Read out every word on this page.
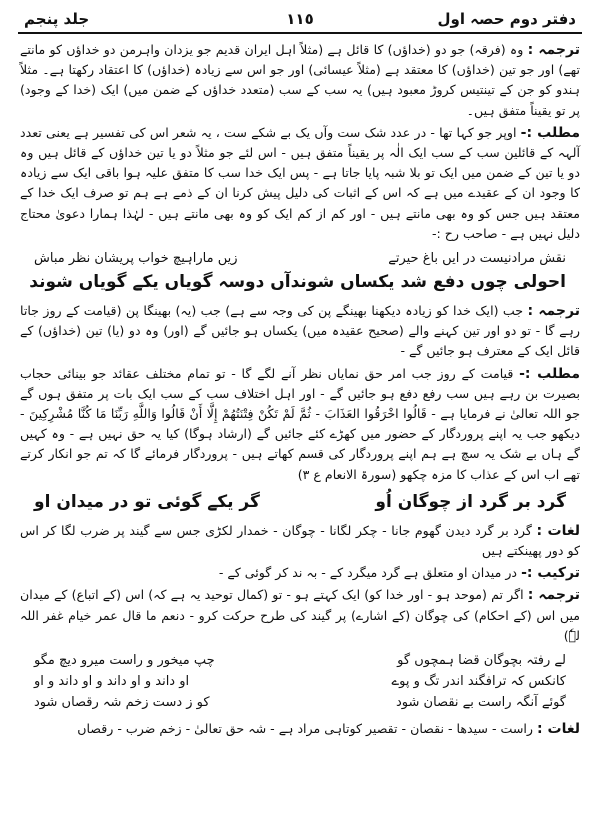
دفتر دوم حصہ اول
١١٥
جلد پنجم
ترجمہ : وہ (فرقہ) جو دو (خداؤں) کا قائل ہے (مثلاً اہل ایران قدیم جو یزدان واہرمن دو خداؤں کو مانتے تھے) اور جو تین (خداؤں) کا معتقد ہے (مثلاً عیسائی) اور جو اس سے زیادہ (خداؤں) کا اعتقاد رکھتا ہے۔ مثلاً ہندو کو جن کے تینتیس کروڑ معبود ہیں) یہ سب کے سب (متعدد خداؤں کے ضمن میں) ایک (خدا کے وجود) پر تو یقیناً متفق ہیں۔
مطلب :- اوپر جو کہا تھا - در عدد شک ست وآں یک بے شکے ست ، یہ شعر اس کی تفسیر ہے یعنی تعدد آلہہ کے قائلین سب کے سب ایک الٰہ پر یقیناً متفق ہیں - اس لئے جو مثلاً دو یا تین خداؤں کے قائل ہیں وہ دو یا تین کے ضمن میں ایک تو بلا شبہ پایا جاتا ہے - پس ایک خدا سب کا متفق علیہ ہوا باقی ایک سے زیادہ کا وجود ان کے عقیدے میں ہے کہ اس کے اثبات کی دلیل پیش کرنا ان کے ذمے ہے ہم تو صرف ایک خدا کے معتقد ہیں جس کو وہ بھی مانتے ہیں - اور کم از کم ایک کو وہ بھی مانتے ہیں - لہٰذا ہمارا دعویٰ محتاج دلیل نہیں ہے - صاحب رح :-
نقش مرادنیست در ایں باغ حیرتے
زیں ماراہیچ خواب پریشان نظر مباش
احولی چوں دفع شد یکساں شوند
آں دوسہ گویاں یکے گویاں شوند
ترجمہ : جب (ایک خدا کو زیادہ دیکھنا بھینگے پن کی وجہ سے ہے) جب (یہ) بھینگا پن (قیامت کے روز جاتا رہے گا - تو دو اور تین کہنے والے (صحیح عقیدہ میں) یکساں ہو جائیں گے (اور) وہ دو (یا) تین (خداؤں) کے قائل ایک کے معترف ہو جائیں گے -
مطلب :- قیامت کے روز جب امر حق نمایاں نظر آنے لگے گا - تو تمام مختلف عقائد جو بینائی حجاب بصیرت بن رہے ہیں سب رفع دفع ہو جائیں گے - اور اہل اختلاف سب کے سب ایک بات پر متفق ہوں گے جو اللہ تعالیٰ نے فرمایا ہے - قَالُوا اخْرَقُوا العَذَابَ - ثُمَّ لَمْ تَكُنْ فِتْنَتُهُمْ إِلَّا أَنْ قَالُوا وَاللَّهِ رَبِّنَا مَا كُنَّا مُشْرِكِينَ - دیکھو جب یہ اپنے پروردگار کے حضور میں کھڑے کئے جائیں گے (ارشاد ہوگا) کیا یہ حق نہیں ہے - وہ کہیں گے ہاں بے شک یہ سچ ہے ہم اپنے پروردگار کی قسم کھاتے ہیں - پروردگار فرمائے گا کہ تم جو انکار کرتے تھے اب اس کے عذاب کا مزہ چکھو (سورۃ الانعام ع ۳)
گرد بر گرد از چوگان اُو
گر یکے گوئی تو در میدان او
لغات : گرد بر گرد دیدن گھوم جانا - چکر لگانا - چوگان - خمدار لکڑی جس سے گیند پر ضرب لگا کر اس کو دور پھینکتے ہیں
ترکیب :- در میدان او متعلق ہے گرد میگرد کے - بہ ند کر گوئی کے -
ترجمہ : اگر تم (موحد ہو - اور خدا کو) ایک کہتے ہو - تو (کمال توحید یہ ہے کہ) اس (کے اتباع) کے میدان میں اس (کے احکام) کی چوگان (کے اشارے) پر گیند کی طرح حرکت کرو - دنعم ما قال عمر خیام غفر اللہ لہٗ)
لے رفتہ بچوگان قضا ہمچوں گو
چپ میخور و راست میرو دیچ مگو
کانکس کہ ترافگند اندر تگ و پوے
او داند و او داند و او داند و او
گوئے آنگہ راست بے نقصان شود
کو ز دست زخم شہ رقصاں شود
لغات : راست - سیدھا - نقصان - تقصیر کوتاہی مراد ہے - شہ حق تعالیٰ - زخم ضرب - رقصاں
